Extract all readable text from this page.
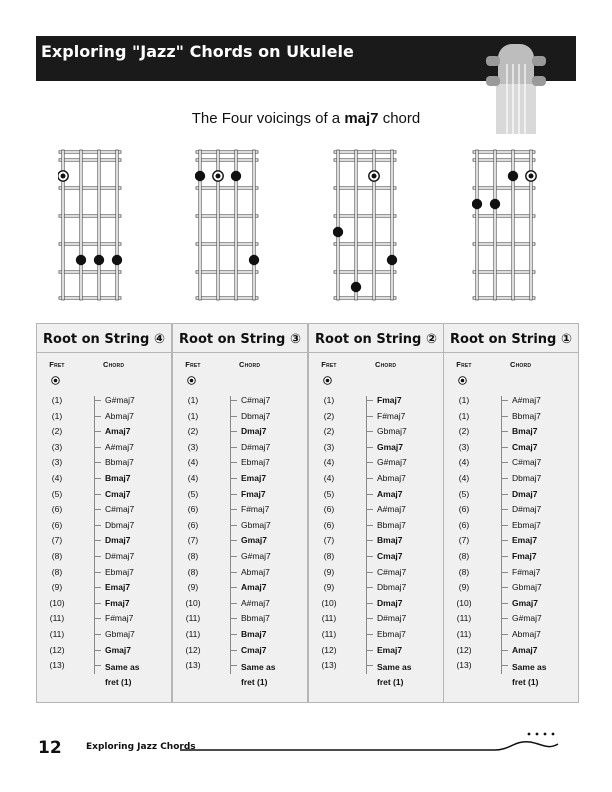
Exploring "Jazz" Chords on Ukulele
The Four voicings of a maj7 chord
Root on String ④
Fret	Chord
(1)	G#maj7
(1)	Abmaj7
(2)	Amaj7
(3)	A#maj7
(3)	Bbmaj7
(4)	Bmaj7
(5)	Cmaj7
(6)	C#maj7
(6)	Dbmaj7
(7)	Dmaj7
(8)	D#maj7
(8)	Ebmaj7
(9)	Emaj7
(10)	Fmaj7
(11)	F#maj7
(11)	Gbmaj7
(12)	Gmaj7
(13)	Same as fret (1)
Root on String ③
Fret	Chord
(1)	C#maj7
(1)	Dbmaj7
(2)	Dmaj7
(3)	D#maj7
(4)	Ebmaj7
(4)	Emaj7
(5)	Fmaj7
(6)	F#maj7
(6)	Gbmaj7
(7)	Gmaj7
(8)	G#maj7
(8)	Abmaj7
(9)	Amaj7
(10)	A#maj7
(11)	Bbmaj7
(11)	Bmaj7
(12)	Cmaj7
(13)	Same as fret (1)
Root on String ②
Fret	Chord
(1)	Fmaj7
(2)	F#maj7
(2)	Gbmaj7
(3)	Gmaj7
(4)	G#maj7
(4)	Abmaj7
(5)	Amaj7
(6)	A#maj7
(6)	Bbmaj7
(7)	Bmaj7
(8)	Cmaj7
(9)	C#maj7
(9)	Dbmaj7
(10)	Dmaj7
(11)	D#maj7
(11)	Ebmaj7
(12)	Emaj7
(13)	Same as fret (1)
Root on String ①
Fret	Chord
(1)	A#maj7
(1)	Bbmaj7
(2)	Bmaj7
(3)	Cmaj7
(4)	C#maj7
(4)	Dbmaj7
(5)	Dmaj7
(6)	D#maj7
(6)	Ebmaj7
(7)	Emaj7
(8)	Fmaj7
(8)	F#maj7
(9)	Gbmaj7
(10)	Gmaj7
(11)	G#maj7
(11)	Abmaj7
(12)	Amaj7
(13)	Same as fret (1)
12	Exploring Jazz Chords
